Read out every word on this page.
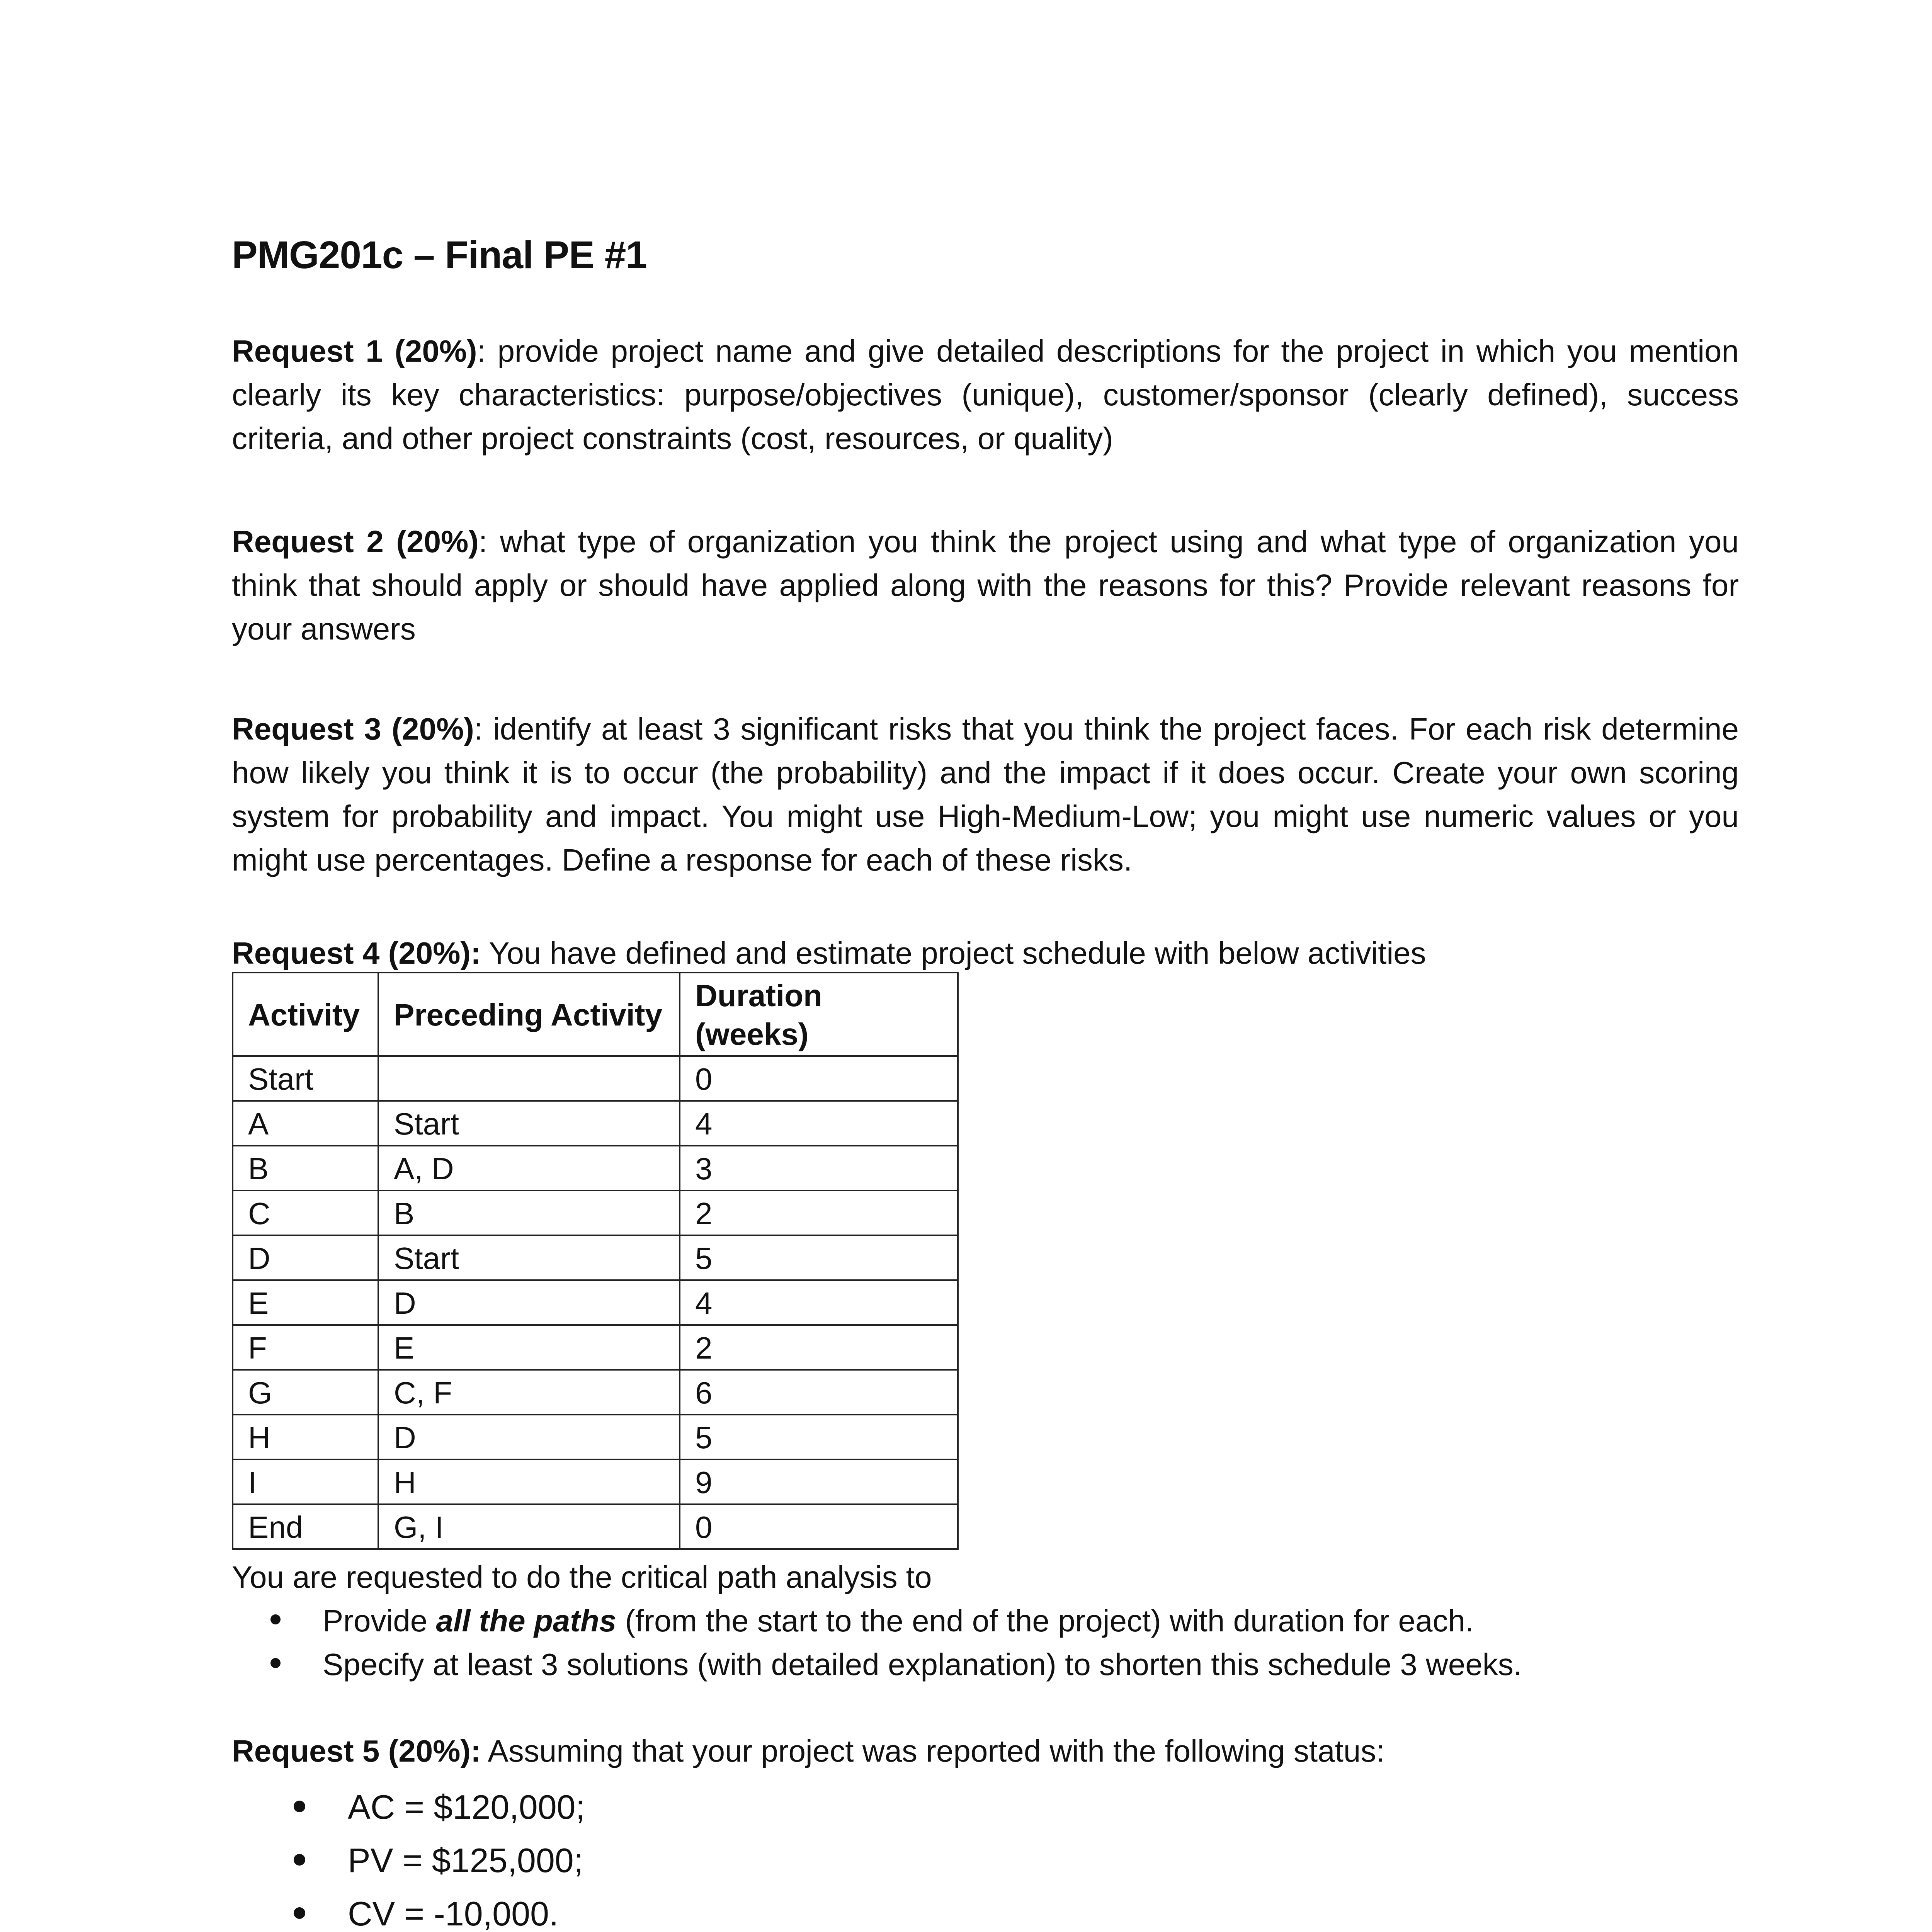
PMG201c – Final PE #1

Request 1 (20%): provide project name and give detailed descriptions for the project in which you mention clearly its key characteristics: purpose/objectives (unique), customer/sponsor (clearly defined), success criteria, and other project constraints (cost, resources, or quality)

Request 2 (20%): what type of organization you think the project using and what type of organization you think that should apply or should have applied along with the reasons for this? Provide relevant reasons for your answers

Request 3 (20%): identify at least 3 significant risks that you think the project faces. For each risk determine how likely you think it is to occur (the probability) and the impact if it does occur. Create your own scoring system for probability and impact. You might use High-Medium-Low; you might use numeric values or you might use percentages. Define a response for each of these risks.

Request 4 (20%): You have defined and estimate project schedule with below activities

Activity	Preceding Activity	Duration (weeks)
Start		0
A	Start	4
B	A, D	3
C	B	2
D	Start	5
E	D	4
F	E	2
G	C, F	6
H	D	5
I	H	9
End	G, I	0

You are requested to do the critical path analysis to

Provide all the paths (from the start to the end of the project) with duration for each.
Specify at least 3 solutions (with detailed explanation) to shorten this schedule 3 weeks.

Request 5 (20%): Assuming that your project was reported with the following status:

AC = $120,000;
PV = $125,000;
CV = -10,000.
